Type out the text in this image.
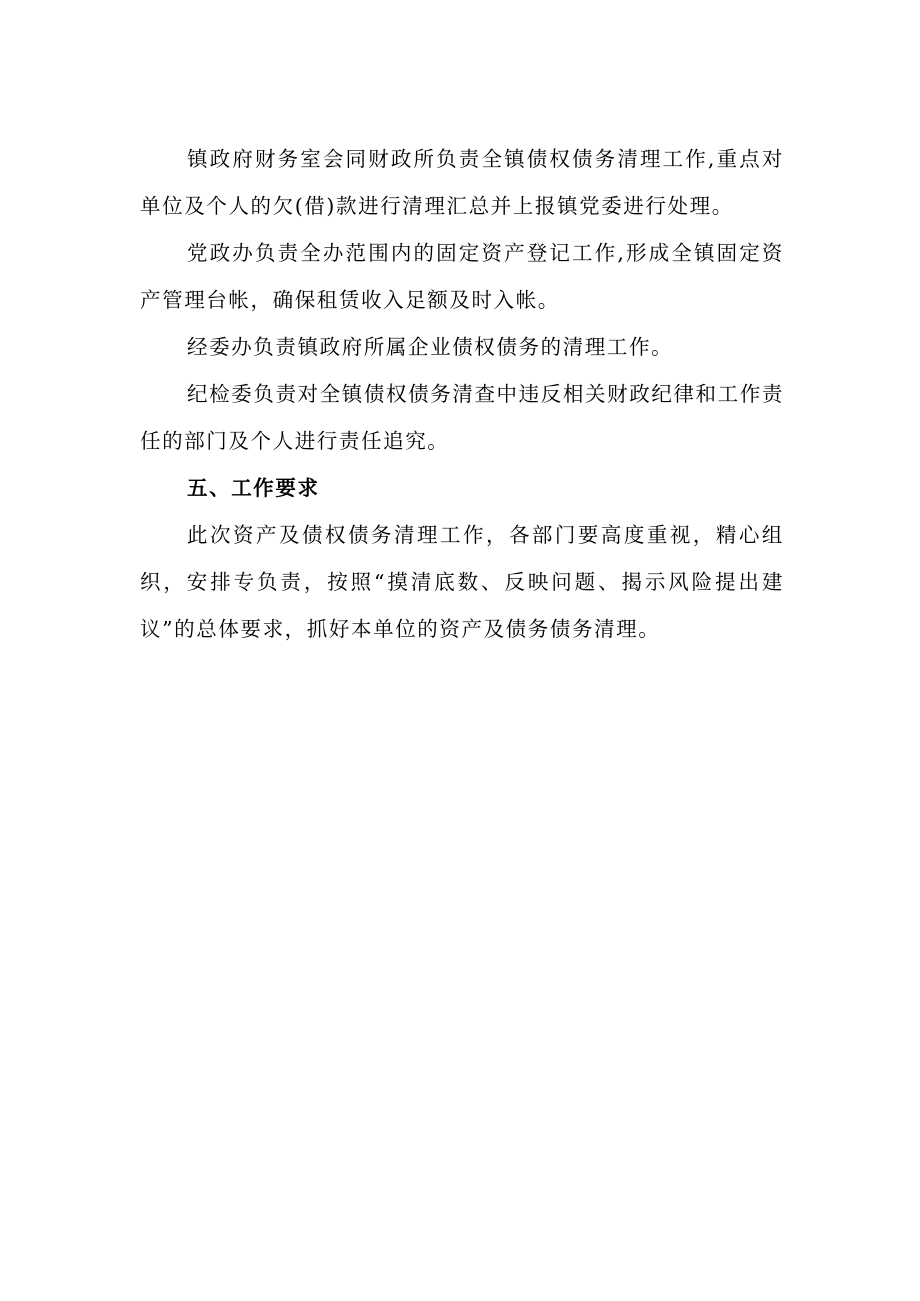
镇政府财务室会同财政所负责全镇债权债务清理工作,重点对单位及个人的欠(借)款进行清理汇总并上报镇党委进行处理。

党政办负责全办范围内的固定资产登记工作,形成全镇固定资产管理台帐，确保租赁收入足额及时入帐。

经委办负责镇政府所属企业债权债务的清理工作。

纪检委负责对全镇债权债务清查中违反相关财政纪律和工作责任的部门及个人进行责任追究。

五、工作要求

此次资产及债权债务清理工作，各部门要高度重视，精心组织，安排专负责，按照“摸清底数、反映问题、揭示风险提出建议”的总体要求，抓好本单位的资产及债务债务清理。
